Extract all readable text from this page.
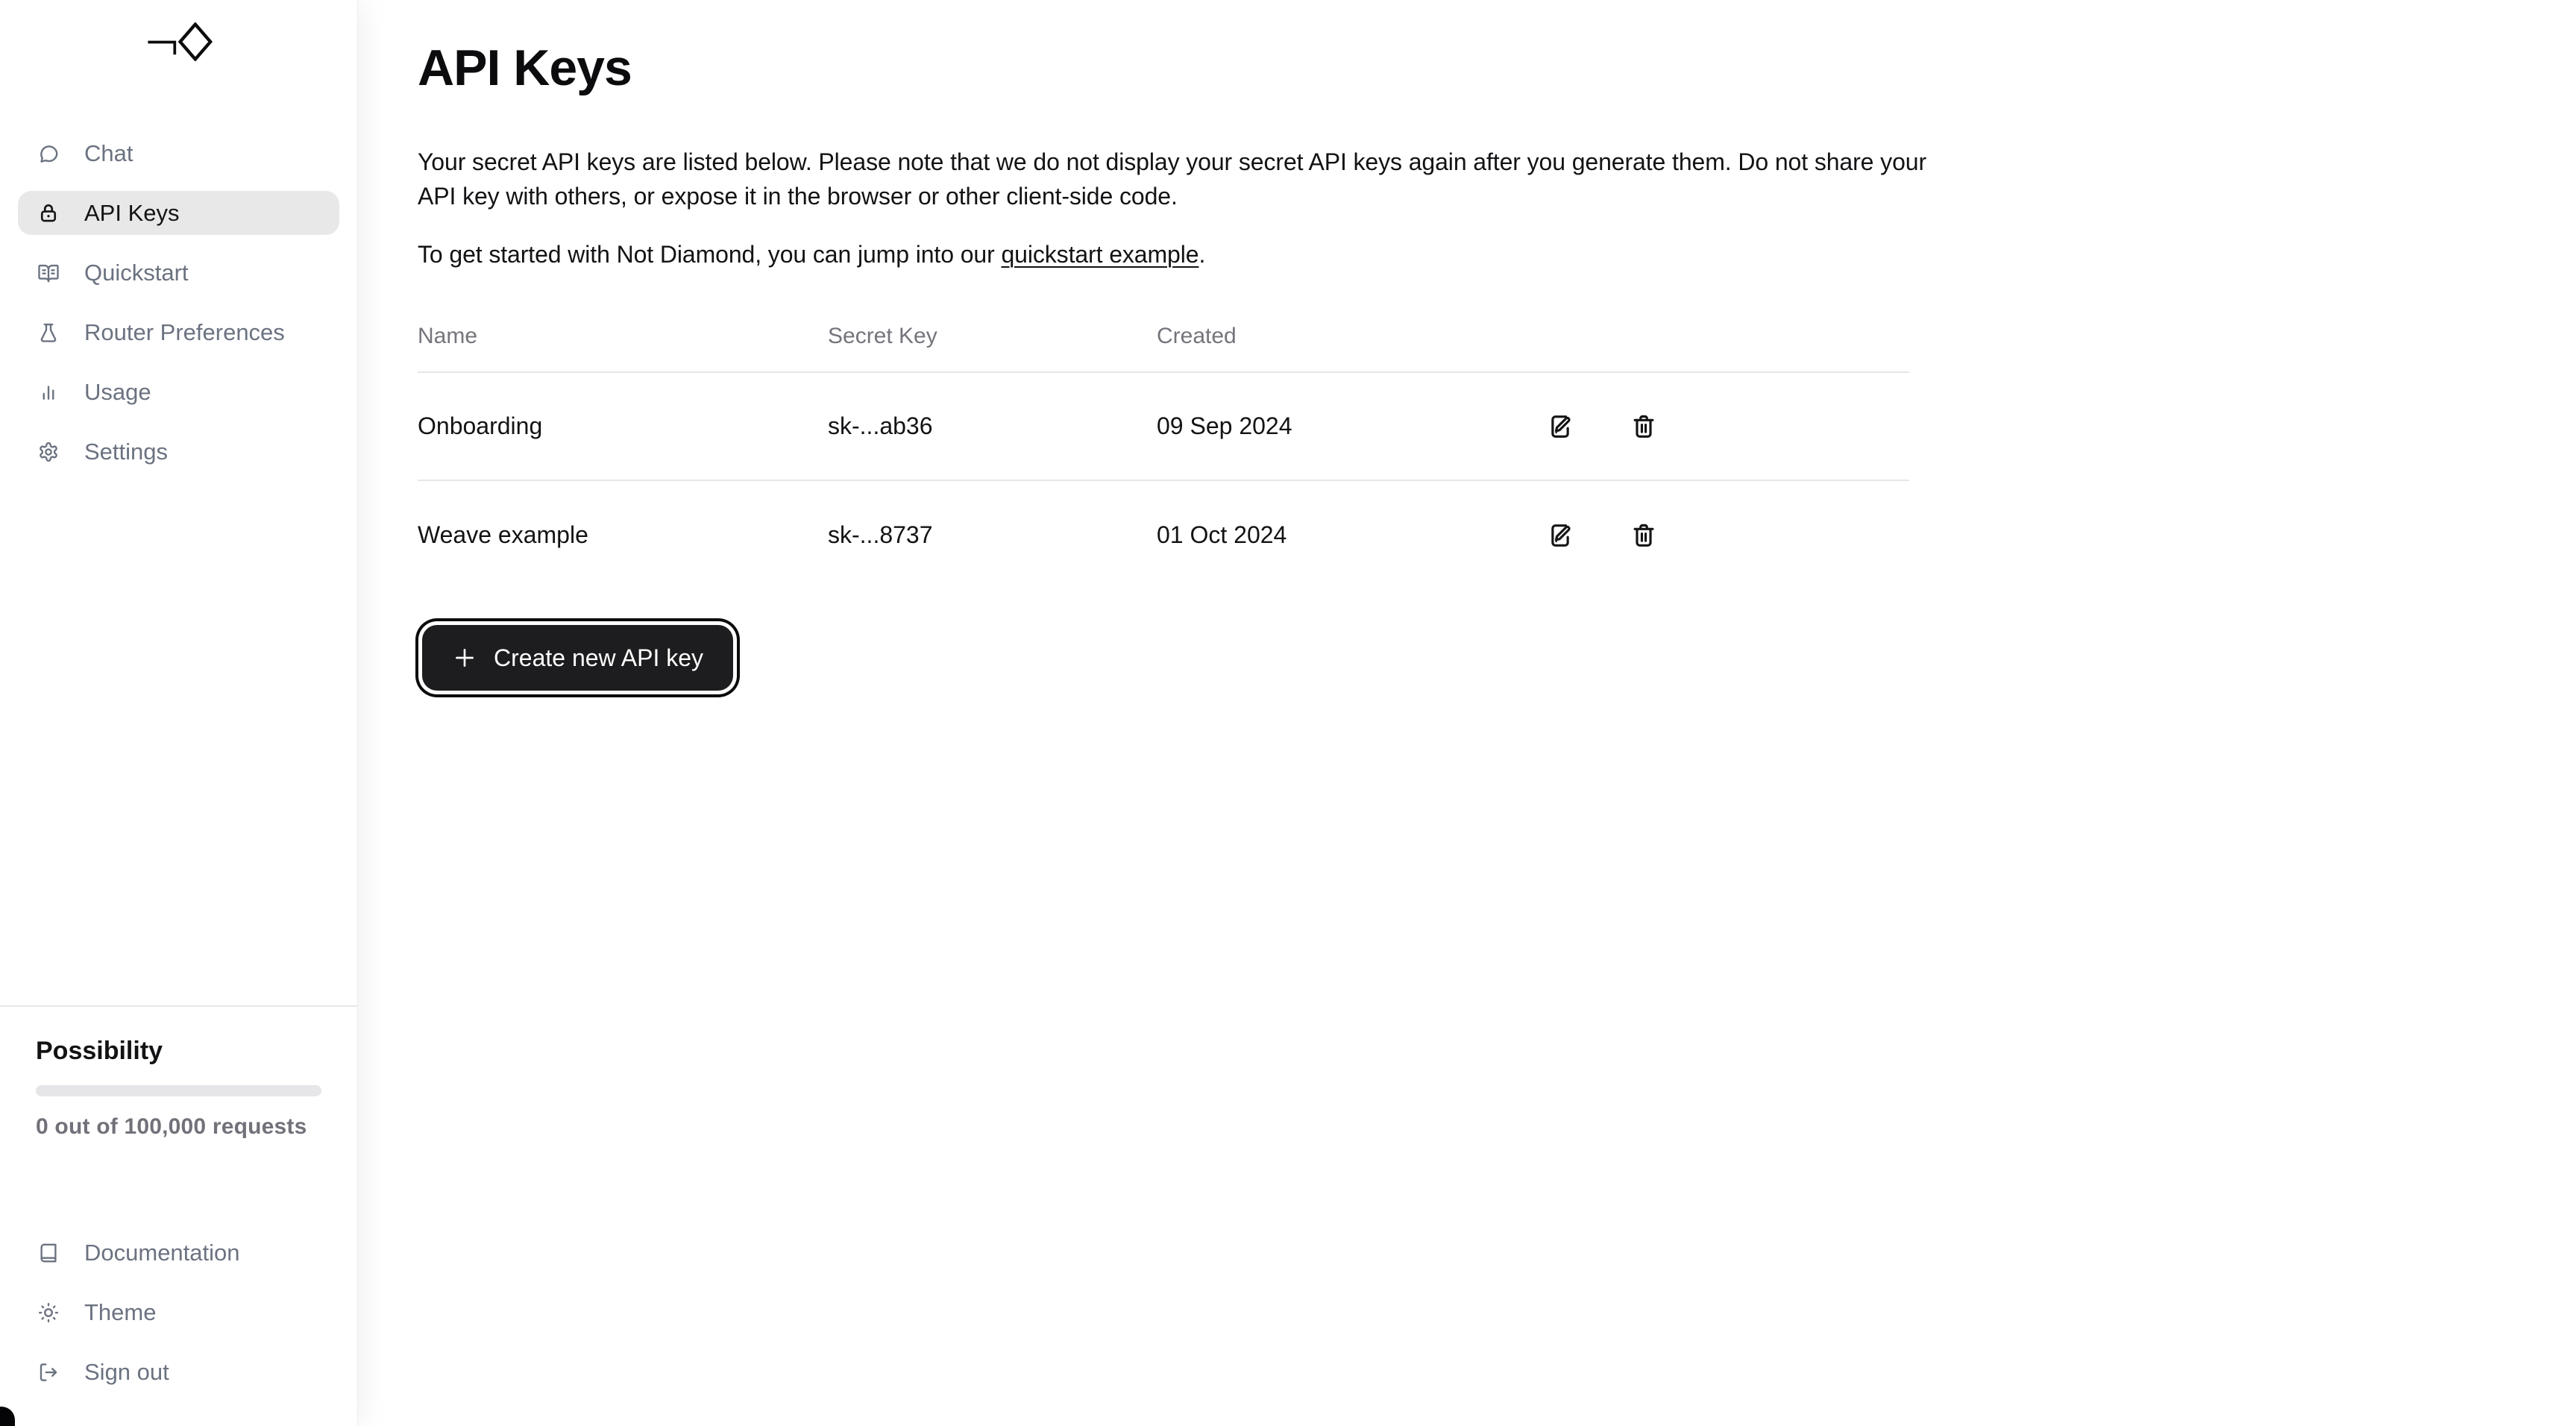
Chat
API Keys
Quickstart
Router Preferences
Usage
Settings
Possibility
0 out of 100,000 requests
Documentation
Theme
Sign out
API Keys

Your secret API keys are listed below. Please note that we do not display your secret API keys again after you generate them. Do not share your API key with others, or expose it in the browser or other client-side code.

To get started with Not Diamond, you can jump into our quickstart example.

Name	Secret Key	Created
Onboarding	sk-...ab36	09 Sep 2024
Weave example	sk-...8737	01 Oct 2024
Create new API key
